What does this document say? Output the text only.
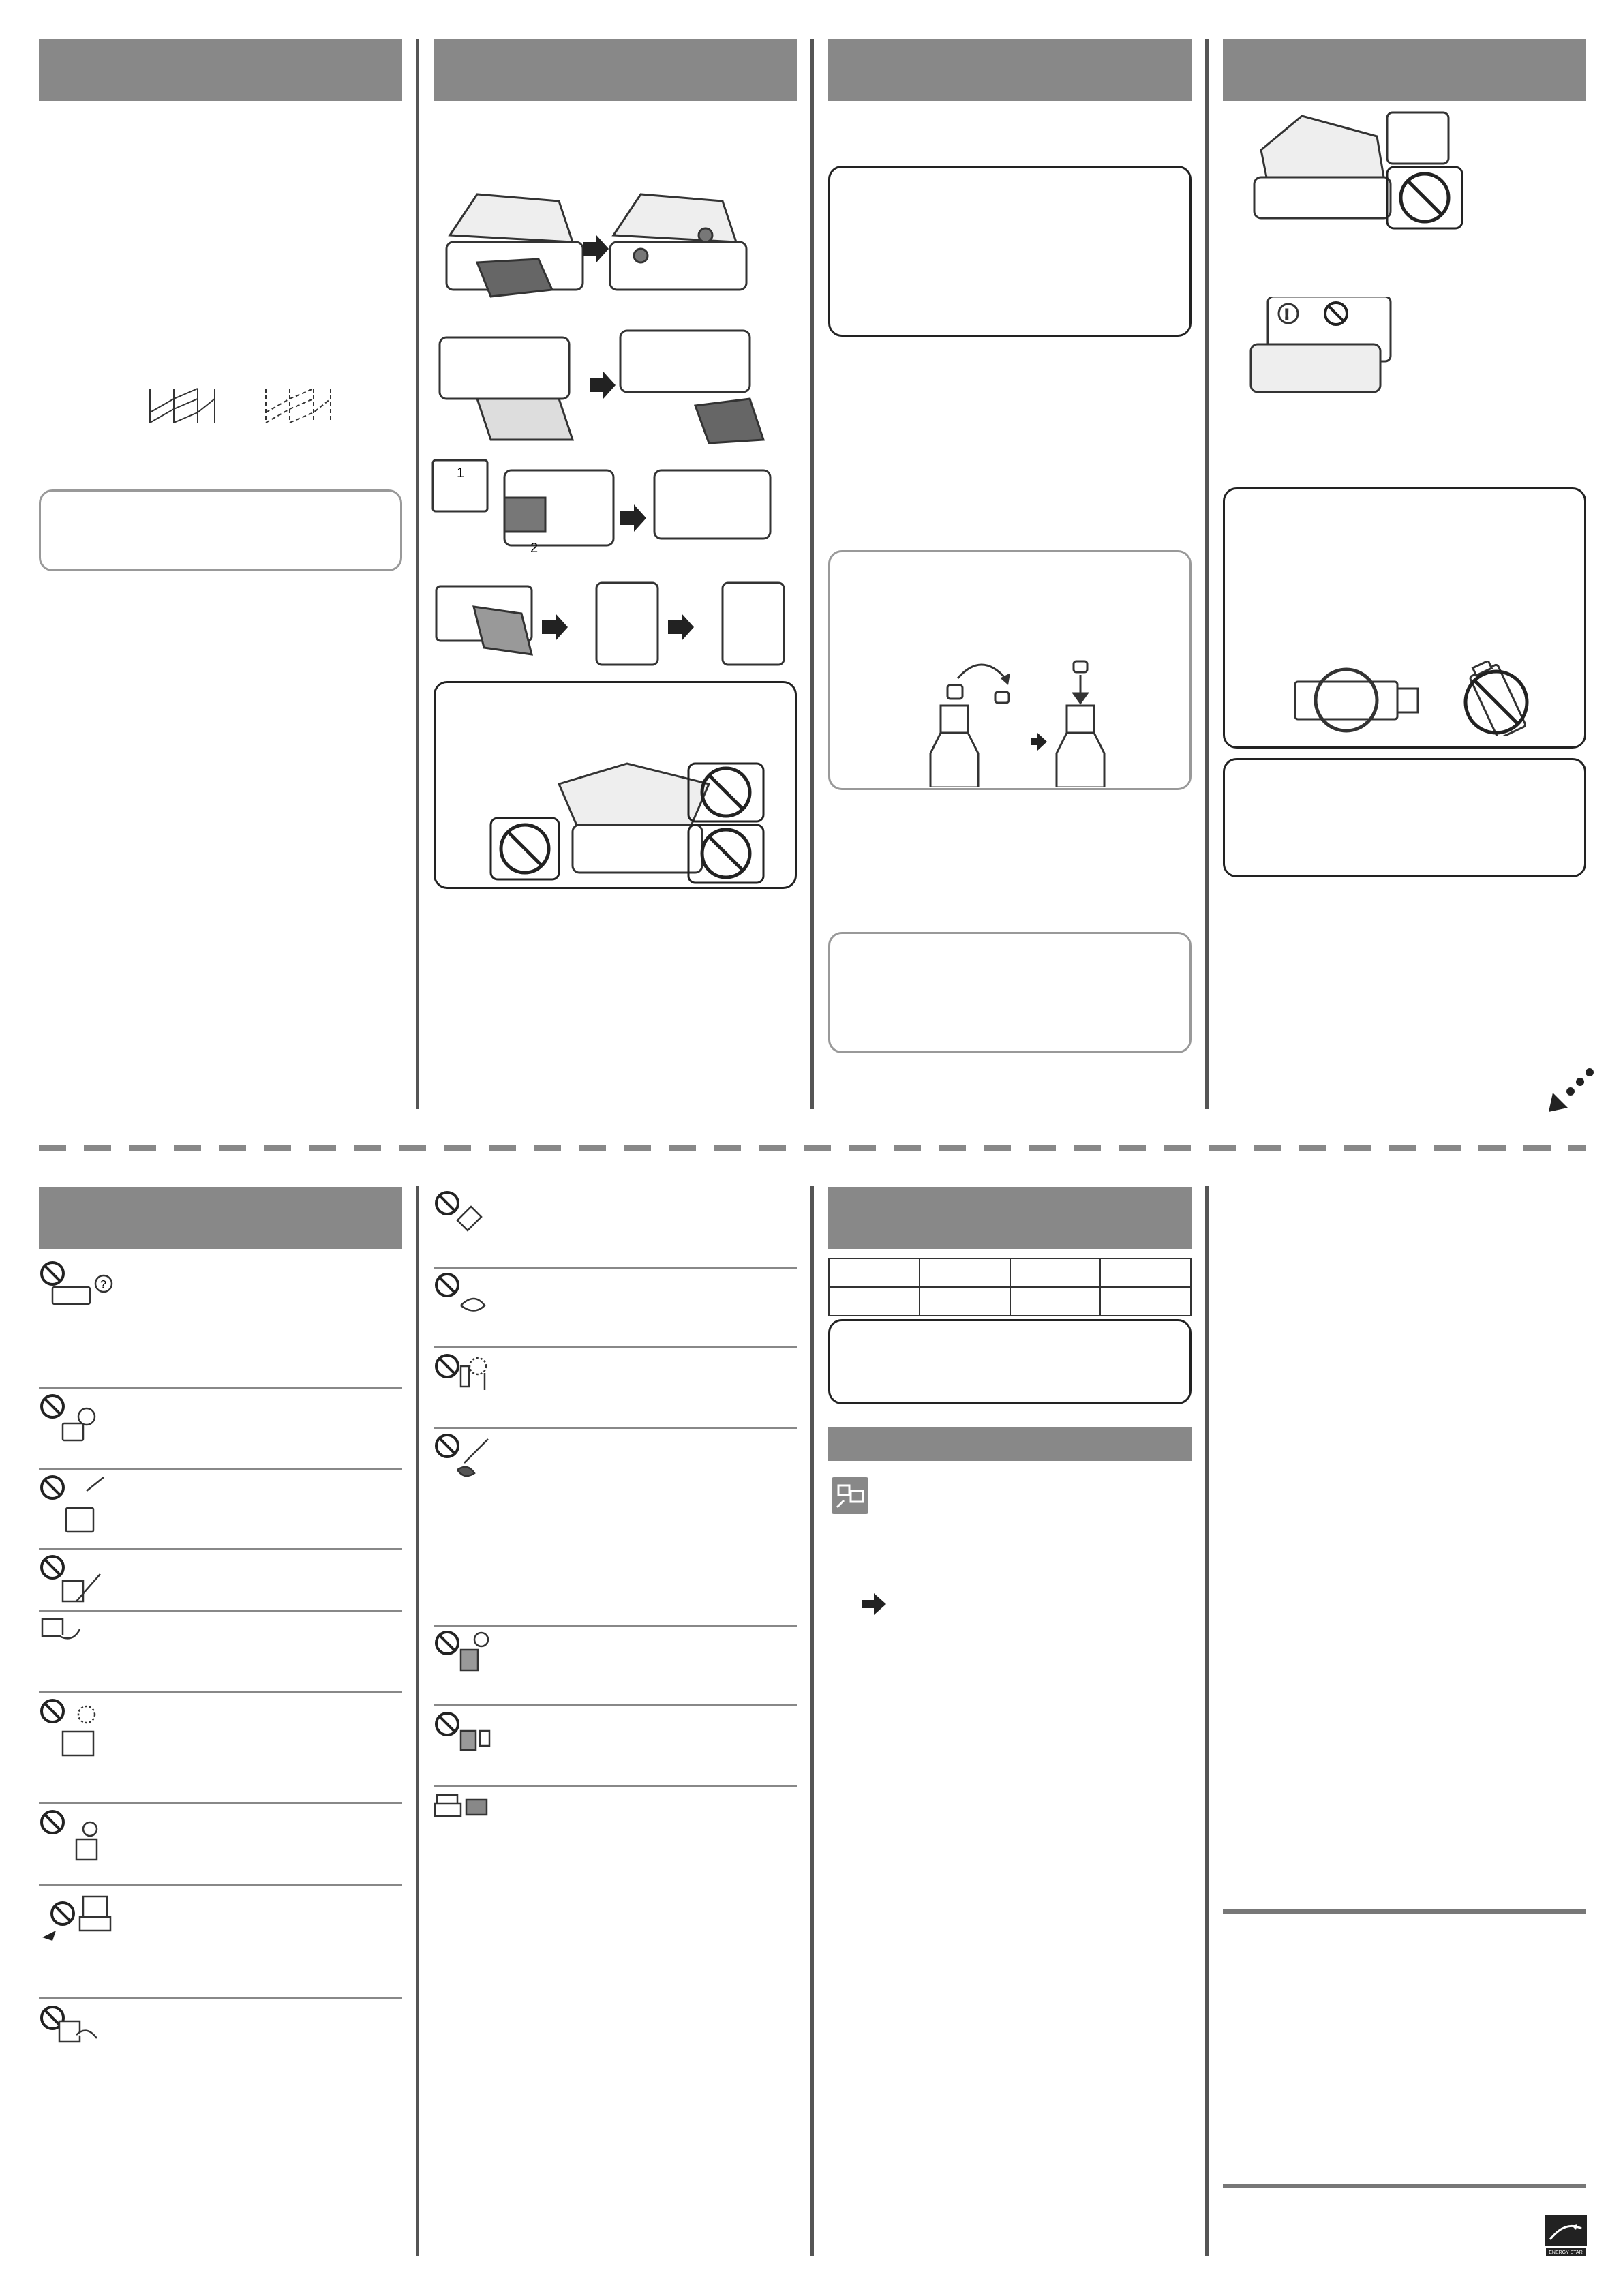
1
2
!
?

ENERGY STAR
